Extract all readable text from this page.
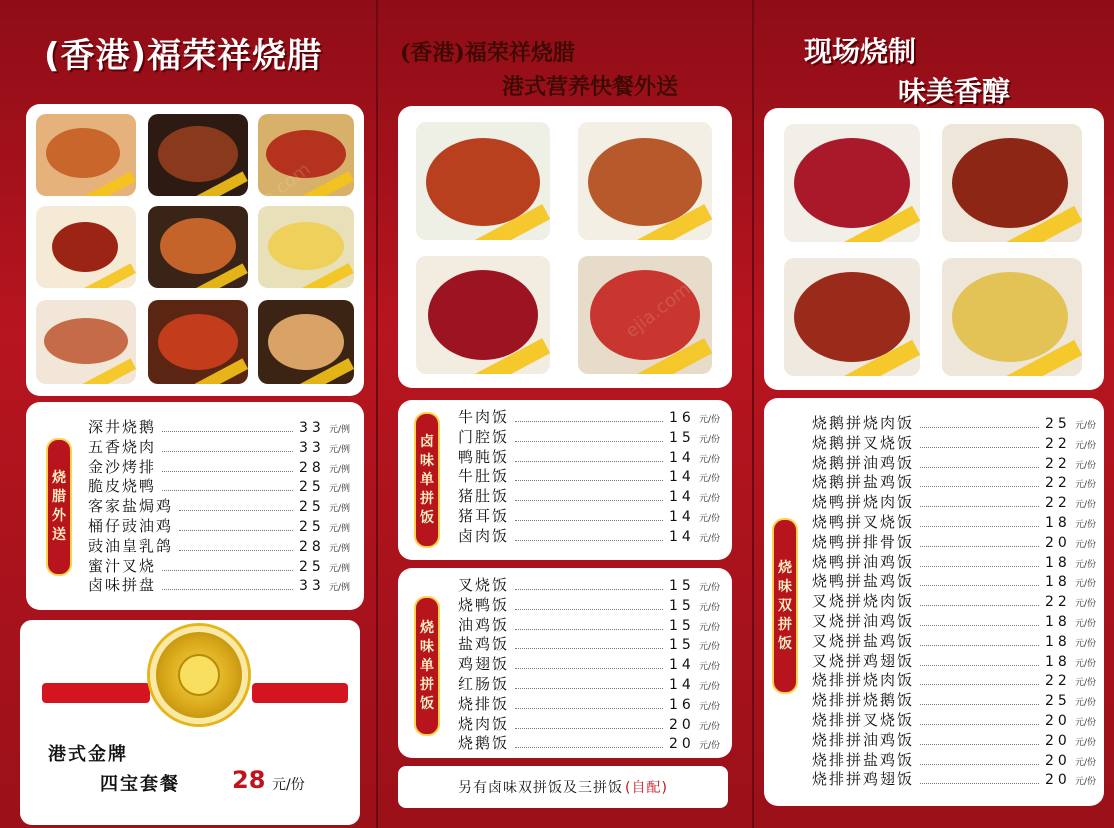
(香港)福荣祥烧腊
烧腊外送
深井烧鹅	33 元/例
五香烧肉	33 元/例
金沙烤排	28 元/例
脆皮烧鸭	25 元/例
客家盐焗鸡	25 元/例
桶仔豉油鸡	25 元/例
豉油皇乳鸽	28 元/例
蜜汁叉烧	25 元/例
卤味拼盘	33 元/例
港式金牌
四宝套餐 28 元/份
(香港)福荣祥烧腊
港式营养快餐外送
卤味单拼饭
牛肉饭	16 元/份
门腔饭	15 元/份
鸭肫饭	14 元/份
牛肚饭	14 元/份
猪肚饭	14 元/份
猪耳饭	14 元/份
卤肉饭	14 元/份
烧味单拼饭
叉烧饭	15 元/份
烧鸭饭	15 元/份
油鸡饭	15 元/份
盐鸡饭	15 元/份
鸡翅饭	14 元/份
红肠饭	14 元/份
烧排饭	16 元/份
烧肉饭	20 元/份
烧鹅饭	20 元/份
另有卤味双拼饭及三拼饭 (自配)
现场烧制
味美香醇
烧味双拼饭
烧鹅拼烧肉饭	25 元/份
烧鹅拼叉烧饭	22 元/份
烧鹅拼油鸡饭	22 元/份
烧鹅拼盐鸡饭	22 元/份
烧鸭拼烧肉饭	22 元/份
烧鸭拼叉烧饭	18 元/份
烧鸭拼排骨饭	20 元/份
烧鸭拼油鸡饭	18 元/份
烧鸭拼盐鸡饭	18 元/份
叉烧拼烧肉饭	22 元/份
叉烧拼油鸡饭	18 元/份
叉烧拼盐鸡饭	18 元/份
叉烧拼鸡翅饭	18 元/份
烧排拼烧肉饭	22 元/份
烧排拼烧鹅饭	25 元/份
烧排拼叉烧饭	20 元/份
烧排拼油鸡饭	20 元/份
烧排拼盐鸡饭	20 元/份
烧排拼鸡翅饭	20 元/份
